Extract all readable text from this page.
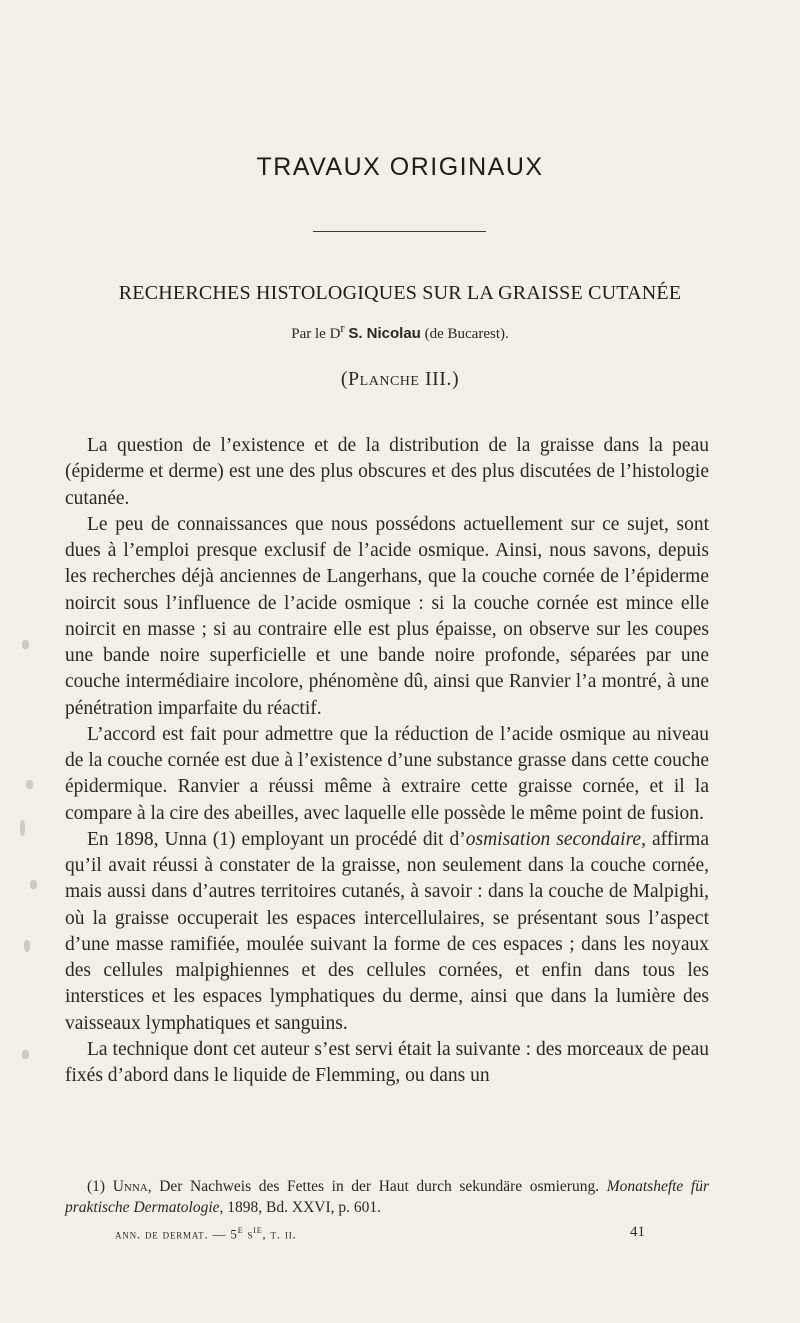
TRAVAUX ORIGINAUX
RECHERCHES HISTOLOGIQUES SUR LA GRAISSE CUTANÉE
Par le $D^r$ S. Nicolau (de Bucarest).
(Planche III.)

La question de l’existence et de la distribution de la graisse dans la peau (épiderme et derme) est une des plus obscures et des plus discutées de l’histologie cutanée.

Le peu de connaissances que nous possédons actuellement sur ce sujet, sont dues à l’emploi presque exclusif de l’acide osmique. Ainsi, nous savons, depuis les recherches déjà anciennes de Langerhans, que la couche cornée de l’épiderme noircit sous l’influence de l’acide osmique : si la couche cornée est mince elle noircit en masse ; si au contraire elle est plus épaisse, on observe sur les coupes une bande noire superficielle et une bande noire profonde, séparées par une couche intermédiaire incolore, phénomène dû, ainsi que Ranvier l’a montré, à une pénétration imparfaite du réactif.

L’accord est fait pour admettre que la réduction de l’acide osmique au niveau de la couche cornée est due à l’existence d’une substance grasse dans cette couche épidermique. Ranvier a réussi même à extraire cette graisse cornée, et il la compare à la cire des abeilles, avec laquelle elle possède le même point de fusion.

En 1898, Unna (1) employant un procédé dit d’osmisation secondaire, affirma qu’il avait réussi à constater de la graisse, non seulement dans la couche cornée, mais aussi dans d’autres territoires cutanés, à savoir : dans la couche de Malpighi, où la graisse occuperait les espaces intercellulaires, se présentant sous l’aspect d’une masse ramifiée, moulée suivant la forme de ces espaces ; dans les noyaux des cellules malpighiennes et des cellules cornées, et enfin dans tous les interstices et les espaces lymphatiques du derme, ainsi que dans la lumière des vaisseaux lymphatiques et sanguins.

La technique dont cet auteur s’est servi était la suivante : des morceaux de peau fixés d’abord dans le liquide de Flemming, ou dans un

(1) Unna, Der Nachweis des Fettes in der Haut durch sekundäre osmierung. Monatshefte für praktische Dermatologie, 1898, Bd. XXVI, p. 601.
ann. de dermat. — 5e $s^{ie}$, t. ii.	41
